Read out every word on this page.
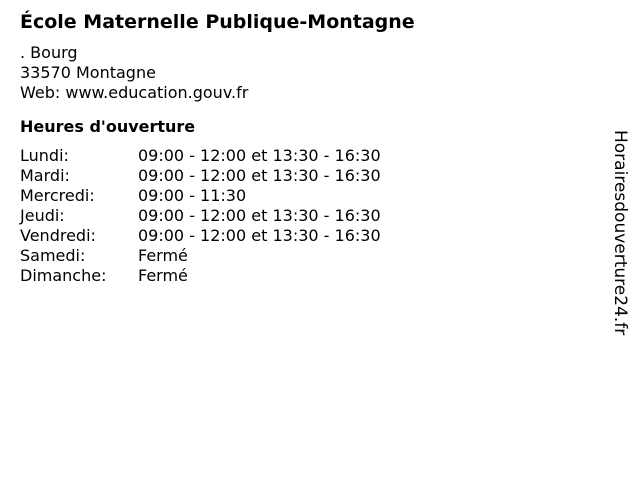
École Maternelle Publique-Montagne
. Bourg
33570 Montagne
Web: www.education.gouv.fr
Heures d'ouverture
Lundi:	09:00 - 12:00 et 13:30 - 16:30
Mardi:	09:00 - 12:00 et 13:30 - 16:30
Mercredi:	09:00 - 11:30
Jeudi:	09:00 - 12:00 et 13:30 - 16:30
Vendredi:	09:00 - 12:00 et 13:30 - 16:30
Samedi:	Fermé
Dimanche:	Fermé	Horairesdouverture24.fr
